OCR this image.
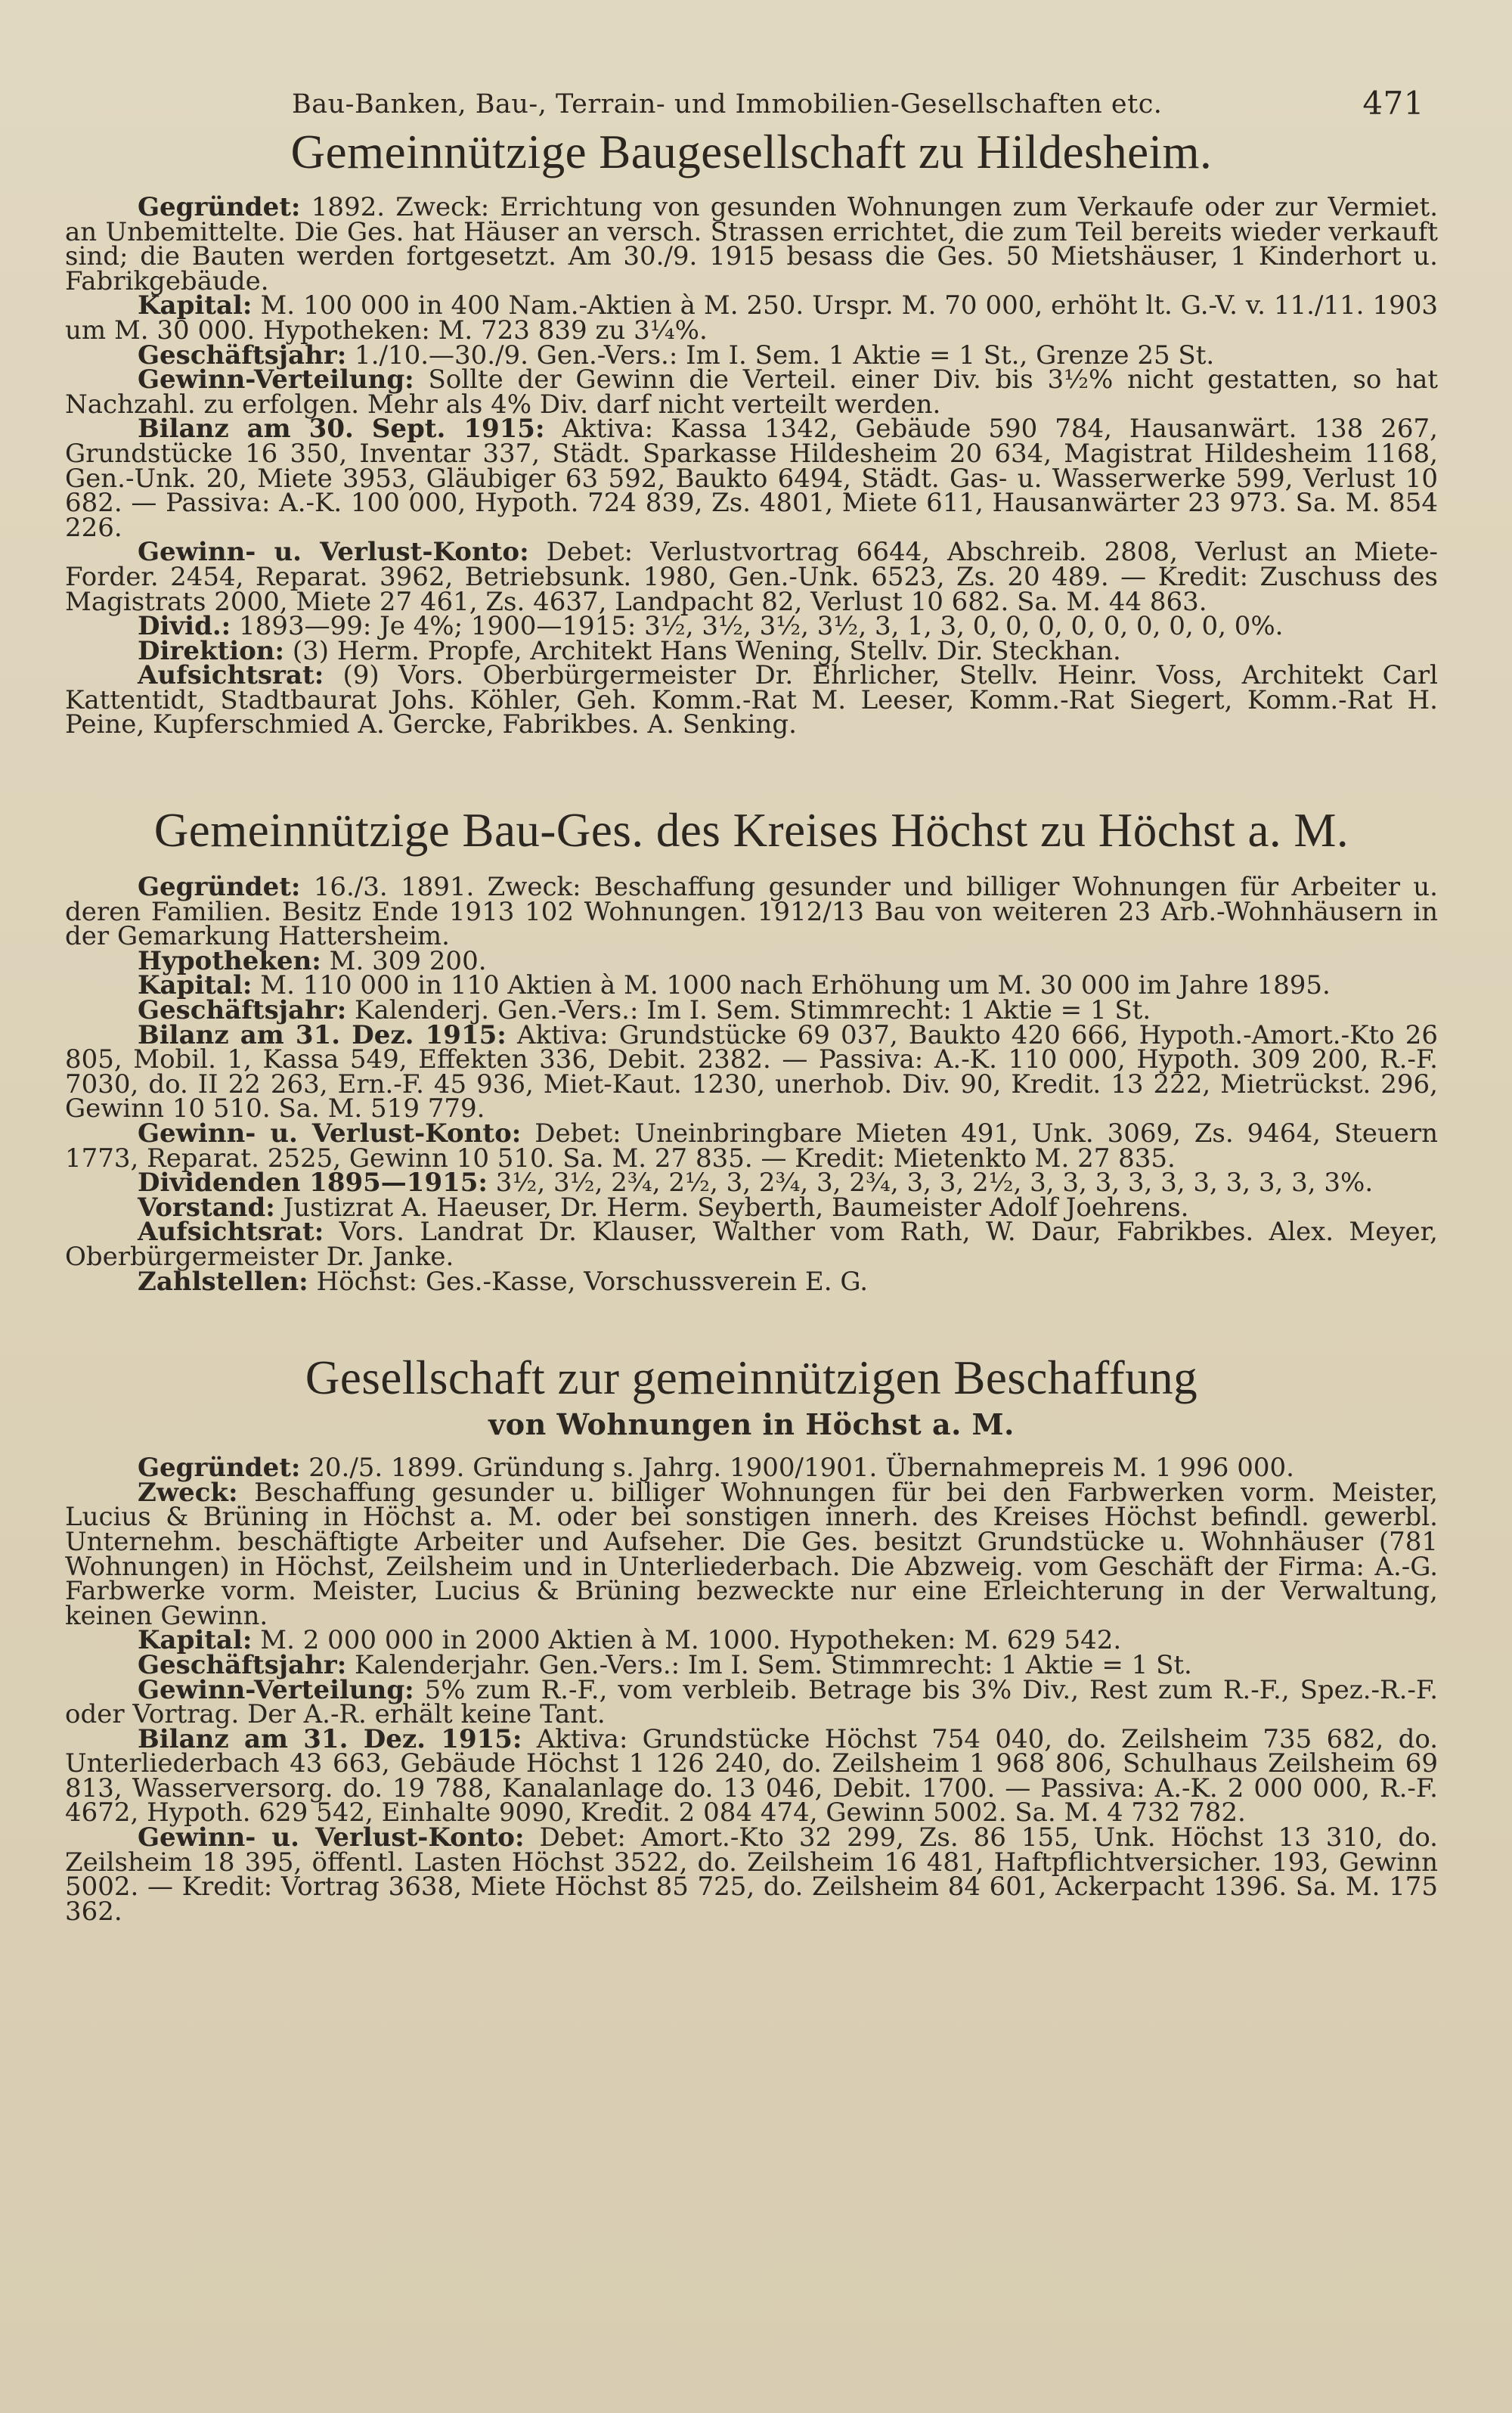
Bau-Banken, Bau-, Terrain- und Immobilien-Gesellschaften etc.	471
Gemeinnützige Baugesellschaft zu Hildesheim.

Gegründet: 1892. Zweck: Errichtung von gesunden Wohnungen zum Verkaufe oder zur Vermiet. an Unbemittelte. Die Ges. hat Häuser an versch. Strassen errichtet, die zum Teil bereits wieder verkauft sind; die Bauten werden fortgesetzt. Am 30./9. 1915 besass die Ges. 50 Mietshäuser, 1 Kinderhort u. Fabrikgebäude.

Kapital: M. 100 000 in 400 Nam.-Aktien à M. 250. Urspr. M. 70 000, erhöht lt. G.-V. v. 11./11. 1903 um M. 30 000. Hypotheken: M. 723 839 zu 3¼%.

Geschäftsjahr: 1./10.—30./9. Gen.-Vers.: Im I. Sem. 1 Aktie = 1 St., Grenze 25 St.

Gewinn-Verteilung: Sollte der Gewinn die Verteil. einer Div. bis 3½% nicht gestatten, so hat Nachzahl. zu erfolgen. Mehr als 4% Div. darf nicht verteilt werden.

Bilanz am 30. Sept. 1915: Aktiva: Kassa 1342, Gebäude 590 784, Hausanwärt. 138 267, Grundstücke 16 350, Inventar 337, Städt. Sparkasse Hildesheim 20 634, Magistrat Hildesheim 1168, Gen.-Unk. 20, Miete 3953, Gläubiger 63 592, Baukto 6494, Städt. Gas- u. Wasserwerke 599, Verlust 10 682. — Passiva: A.-K. 100 000, Hypoth. 724 839, Zs. 4801, Miete 611, Hausanwärter 23 973. Sa. M. 854 226.

Gewinn- u. Verlust-Konto: Debet: Verlustvortrag 6644, Abschreib. 2808, Verlust an Miete-Forder. 2454, Reparat. 3962, Betriebsunk. 1980, Gen.-Unk. 6523, Zs. 20 489. — Kredit: Zuschuss des Magistrats 2000, Miete 27 461, Zs. 4637, Landpacht 82, Verlust 10 682. Sa. M. 44 863.

Divid.: 1893—99: Je 4%; 1900—1915: 3½, 3½, 3½, 3½, 3, 1, 3, 0, 0, 0, 0, 0, 0, 0, 0, 0%.

Direktion: (3) Herm. Propfe, Architekt Hans Wening, Stellv. Dir. Steckhan.

Aufsichtsrat: (9) Vors. Oberbürgermeister Dr. Ehrlicher, Stellv. Heinr. Voss, Architekt Carl Kattentidt, Stadtbaurat Johs. Köhler, Geh. Komm.-Rat M. Leeser, Komm.-Rat Siegert, Komm.-Rat H. Peine, Kupferschmied A. Gercke, Fabrikbes. A. Senking.

Gemeinnützige Bau-Ges. des Kreises Höchst zu Höchst a. M.

Gegründet: 16./3. 1891. Zweck: Beschaffung gesunder und billiger Wohnungen für Arbeiter u. deren Familien. Besitz Ende 1913 102 Wohnungen. 1912/13 Bau von weiteren 23 Arb.-Wohnhäusern in der Gemarkung Hattersheim.

Hypotheken: M. 309 200.

Kapital: M. 110 000 in 110 Aktien à M. 1000 nach Erhöhung um M. 30 000 im Jahre 1895.

Geschäftsjahr: Kalenderj. Gen.-Vers.: Im I. Sem. Stimmrecht: 1 Aktie = 1 St.

Bilanz am 31. Dez. 1915: Aktiva: Grundstücke 69 037, Baukto 420 666, Hypoth.-Amort.-Kto 26 805, Mobil. 1, Kassa 549, Effekten 336, Debit. 2382. — Passiva: A.-K. 110 000, Hypoth. 309 200, R.-F. 7030, do. II 22 263, Ern.-F. 45 936, Miet-Kaut. 1230, unerhob. Div. 90, Kredit. 13 222, Mietrückst. 296, Gewinn 10 510. Sa. M. 519 779.

Gewinn- u. Verlust-Konto: Debet: Uneinbringbare Mieten 491, Unk. 3069, Zs. 9464, Steuern 1773, Reparat. 2525, Gewinn 10 510. Sa. M. 27 835. — Kredit: Mietenkto M. 27 835.

Dividenden 1895—1915: 3½, 3½, 2¾, 2½, 3, 2¾, 3, 2¾, 3, 3, 2½, 3, 3, 3, 3, 3, 3, 3, 3, 3, 3%.

Vorstand: Justizrat A. Haeuser, Dr. Herm. Seyberth, Baumeister Adolf Joehrens.

Aufsichtsrat: Vors. Landrat Dr. Klauser, Walther vom Rath, W. Daur, Fabrikbes. Alex. Meyer, Oberbürgermeister Dr. Janke.

Zahlstellen: Höchst: Ges.-Kasse, Vorschussverein E. G.

Gesellschaft zur gemeinnützigen Beschaffung
von Wohnungen in Höchst a. M.

Gegründet: 20./5. 1899. Gründung s. Jahrg. 1900/1901. Übernahmepreis M. 1 996 000.

Zweck: Beschaffung gesunder u. billiger Wohnungen für bei den Farbwerken vorm. Meister, Lucius & Brüning in Höchst a. M. oder bei sonstigen innerh. des Kreises Höchst befindl. gewerbl. Unternehm. beschäftigte Arbeiter und Aufseher. Die Ges. besitzt Grundstücke u. Wohnhäuser (781 Wohnungen) in Höchst, Zeilsheim und in Unterliederbach. Die Abzweig. vom Geschäft der Firma: A.-G. Farbwerke vorm. Meister, Lucius & Brüning bezweckte nur eine Erleichterung in der Verwaltung, keinen Gewinn.

Kapital: M. 2 000 000 in 2000 Aktien à M. 1000. Hypotheken: M. 629 542.

Geschäftsjahr: Kalenderjahr. Gen.-Vers.: Im I. Sem. Stimmrecht: 1 Aktie = 1 St.

Gewinn-Verteilung: 5% zum R.-F., vom verbleib. Betrage bis 3% Div., Rest zum R.-F., Spez.-R.-F. oder Vortrag. Der A.-R. erhält keine Tant.

Bilanz am 31. Dez. 1915: Aktiva: Grundstücke Höchst 754 040, do. Zeilsheim 735 682, do. Unterliederbach 43 663, Gebäude Höchst 1 126 240, do. Zeilsheim 1 968 806, Schulhaus Zeilsheim 69 813, Wasserversorg. do. 19 788, Kanalanlage do. 13 046, Debit. 1700. — Passiva: A.-K. 2 000 000, R.-F. 4672, Hypoth. 629 542, Einhalte 9090, Kredit. 2 084 474, Gewinn 5002. Sa. M. 4 732 782.

Gewinn- u. Verlust-Konto: Debet: Amort.-Kto 32 299, Zs. 86 155, Unk. Höchst 13 310, do. Zeilsheim 18 395, öffentl. Lasten Höchst 3522, do. Zeilsheim 16 481, Haftpflichtversicher. 193, Gewinn 5002. — Kredit: Vortrag 3638, Miete Höchst 85 725, do. Zeilsheim 84 601, Ackerpacht 1396. Sa. M. 175 362.
